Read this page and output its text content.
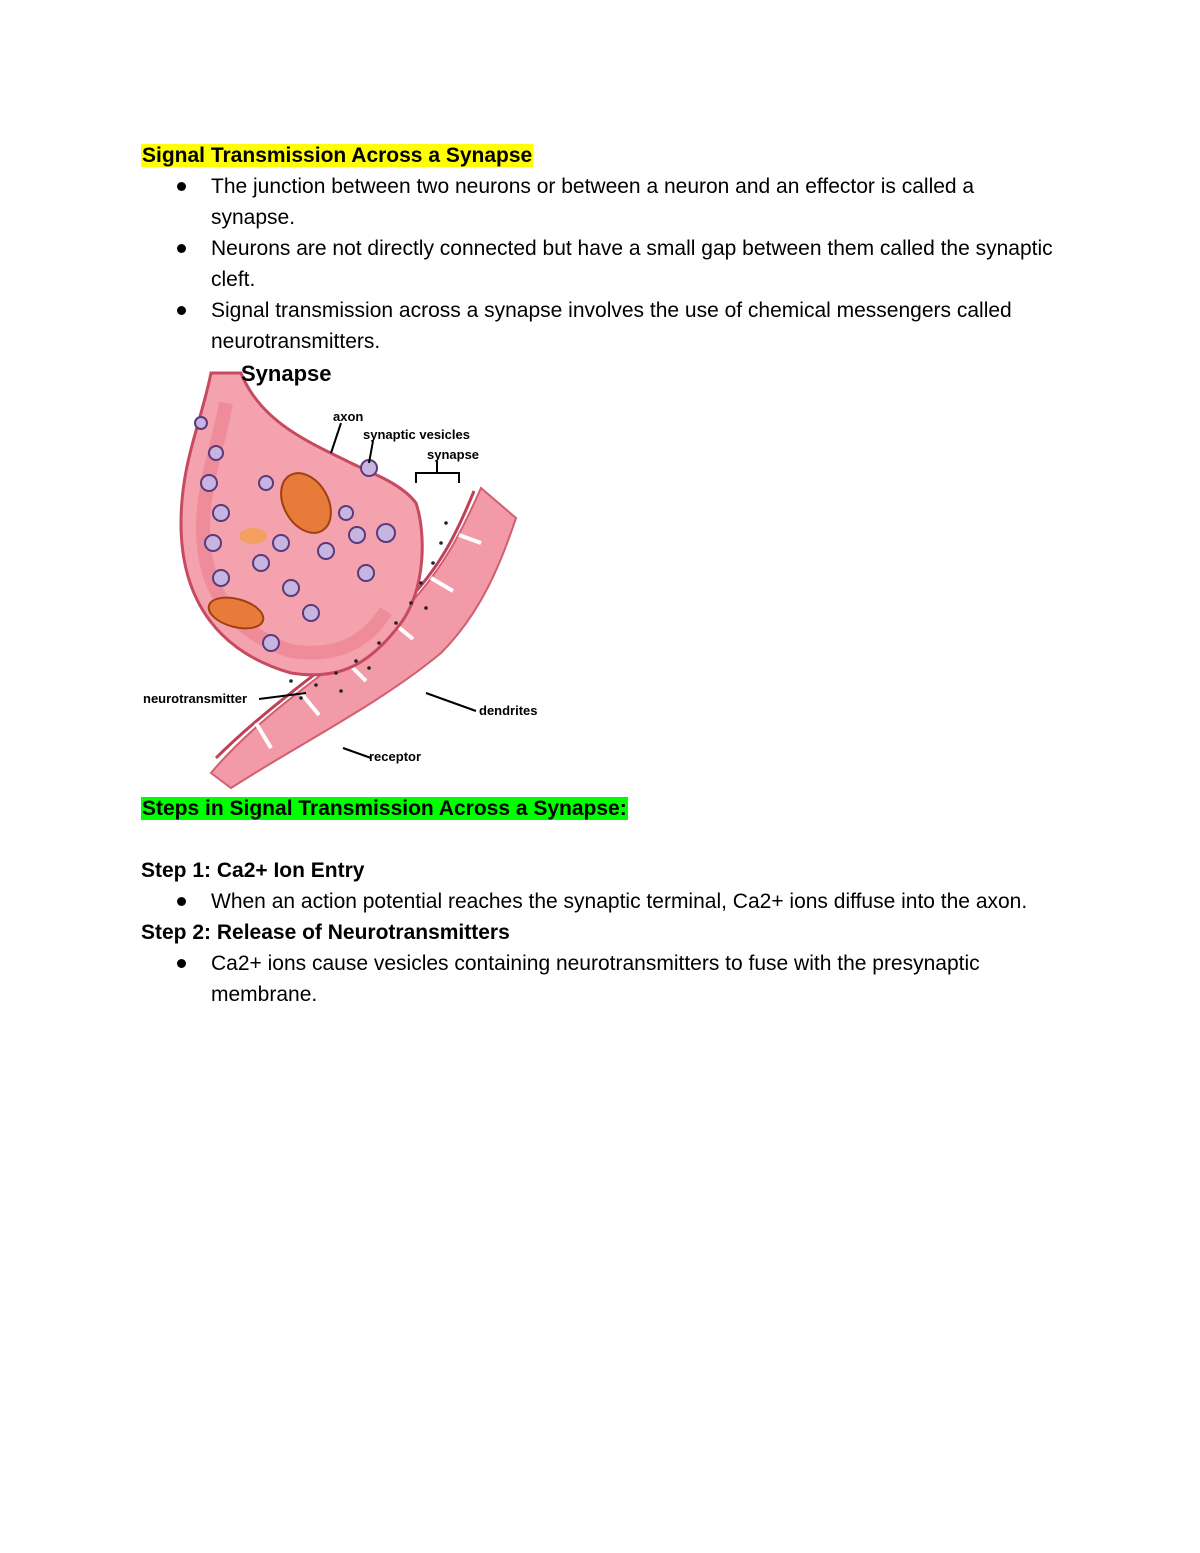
Signal Transmission Across a Synapse
The junction between two neurons or between a neuron and an effector is called a synapse.
Neurons are not directly connected but have a small gap between them called the synaptic cleft.
Signal transmission across a synapse involves the use of chemical messengers called neurotransmitters.
Synapse
axon
synaptic vesicles
synapse
neurotransmitter
dendrites
receptor
Steps in Signal Transmission Across a Synapse:
Step 1: Ca2+ Ion Entry
When an action potential reaches the synaptic terminal, Ca2+ ions diffuse into the axon.
Step 2: Release of Neurotransmitters
Ca2+ ions cause vesicles containing neurotransmitters to fuse with the presynaptic membrane.
